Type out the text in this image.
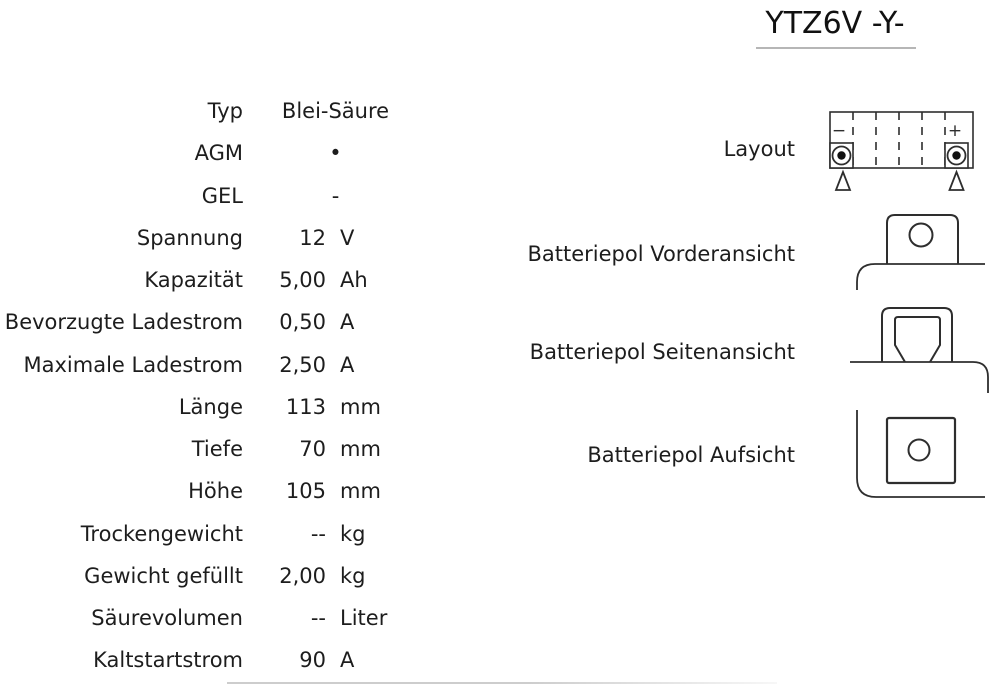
YTZ6V -Y-
Typ	Blei-Säure
AGM	•
GEL	-
Spannung	12 V
Kapazität	5,00 Ah
Bevorzugte Ladestrom	0,50 A
Maximale Ladestrom	2,50 A
Länge	113 mm
Tiefe	70 mm
Höhe	105 mm
Trockengewicht	-- kg
Gewicht gefüllt	2,00 kg
Säurevolumen	-- Liter
Kaltstartstrom	90 A
Layout
Batteriepol Vorderansicht
Batteriepol Seitenansicht
Batteriepol Aufsicht
−	+
